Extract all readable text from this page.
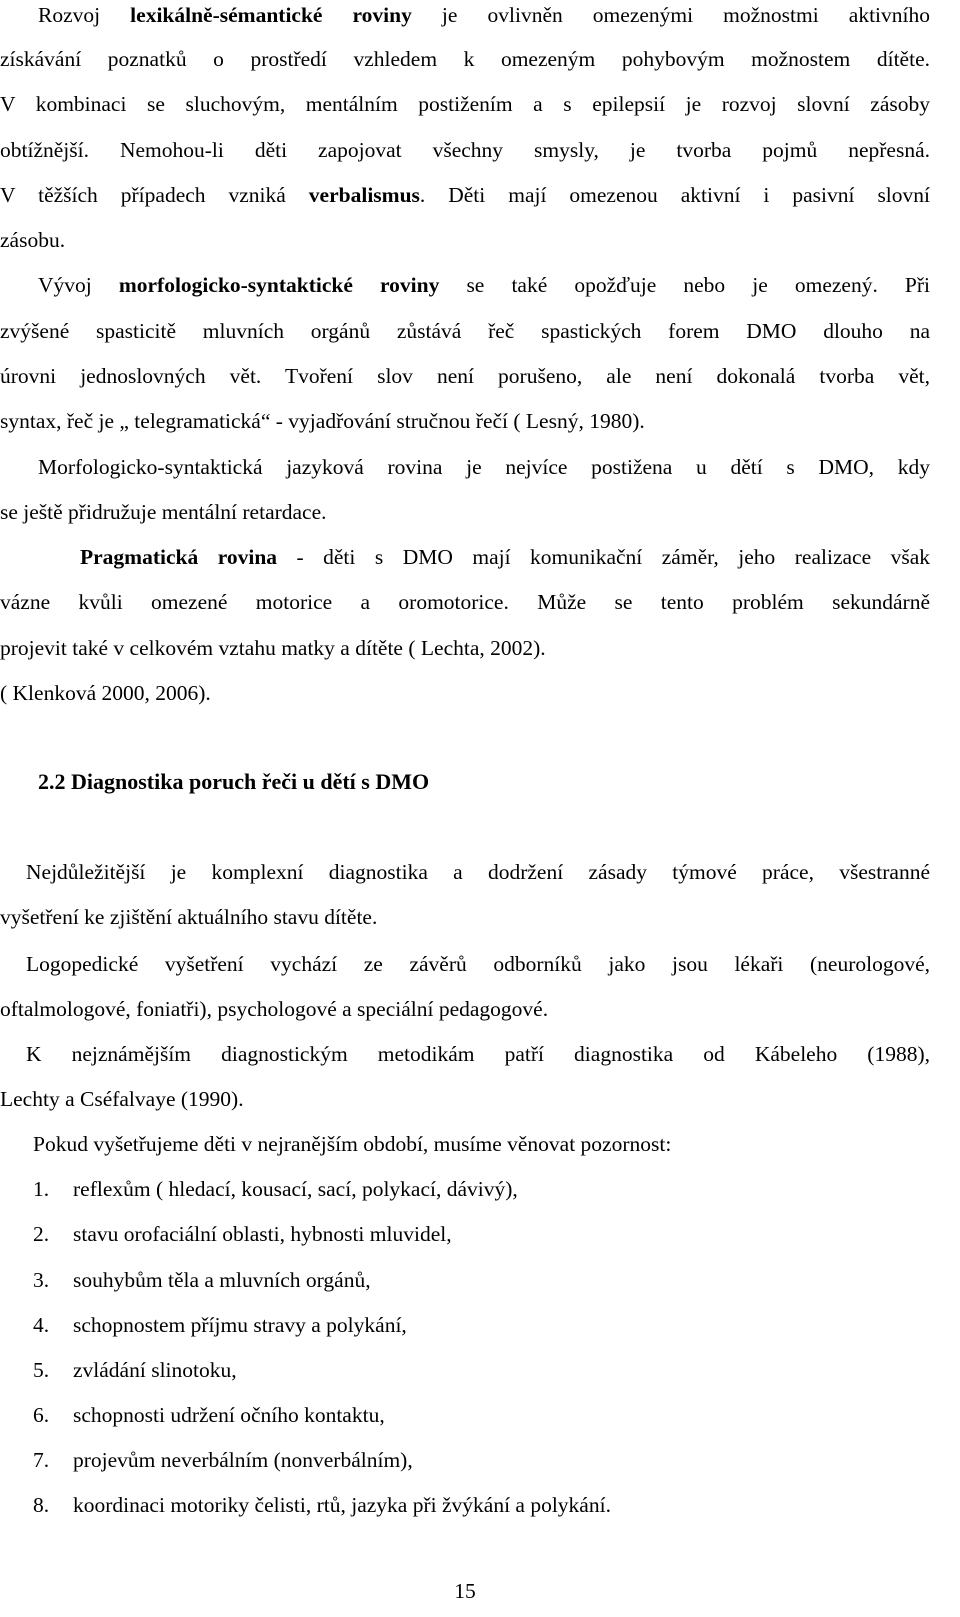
Rozvoj lexikálně-sémantické roviny je ovlivněn omezenými možnostmi aktivního
získávání poznatků o prostředí vzhledem k omezeným pohybovým možnostem dítěte.
V kombinaci se sluchovým, mentálním postižením a s epilepsií je rozvoj slovní zásoby
obtížnější. Nemohou-li děti zapojovat všechny smysly, je tvorba pojmů nepřesná.
V těžších případech vzniká verbalismus. Děti mají omezenou aktivní i pasivní slovní
zásobu.
Vývoj morfologicko-syntaktické roviny se také opožďuje nebo je omezený. Při
zvýšené spasticitě mluvních orgánů zůstává řeč spastických forem DMO dlouho na
úrovni jednoslovných vět. Tvoření slov není porušeno, ale není dokonalá tvorba vět,
syntax, řeč je „ telegramatická“ - vyjadřování stručnou řečí ( Lesný, 1980).
Morfologicko-syntaktická jazyková rovina je nejvíce postižena u dětí s DMO, kdy
se ještě přidružuje mentální retardace.
Pragmatická rovina - děti s DMO mají komunikační záměr, jeho realizace však
vázne kvůli omezené motorice a oromotorice. Může se tento problém sekundárně
projevit také v celkovém vztahu matky a dítěte ( Lechta, 2002).
( Klenková 2000, 2006).
2.2 Diagnostika poruch řeči u dětí s DMO
Nejdůležitější je komplexní diagnostika a dodržení zásady týmové práce, všestranné
vyšetření ke zjištění aktuálního stavu dítěte.
Logopedické vyšetření vychází ze závěrů odborníků jako jsou lékaři (neurologové,
oftalmologové, foniatři), psychologové a speciální pedagogové.
K nejznámějším diagnostickým metodikám patří diagnostika od Kábeleho (1988),
Lechty a Cséfalvaye (1990).
Pokud vyšetřujeme děti v nejranějším období, musíme věnovat pozornost:
1. reflexům ( hledací, kousací, sací, polykací, dávivý),
2. stavu orofaciální oblasti, hybnosti mluvidel,
3. souhybům těla a mluvních orgánů,
4. schopnostem příjmu stravy a polykání,
5. zvládání slinotoku,
6. schopnosti udržení očního kontaktu,
7. projevům neverbálním (nonverbálním),
8. koordinaci motoriky čelisti, rtů, jazyka při žvýkání a polykání.
15
